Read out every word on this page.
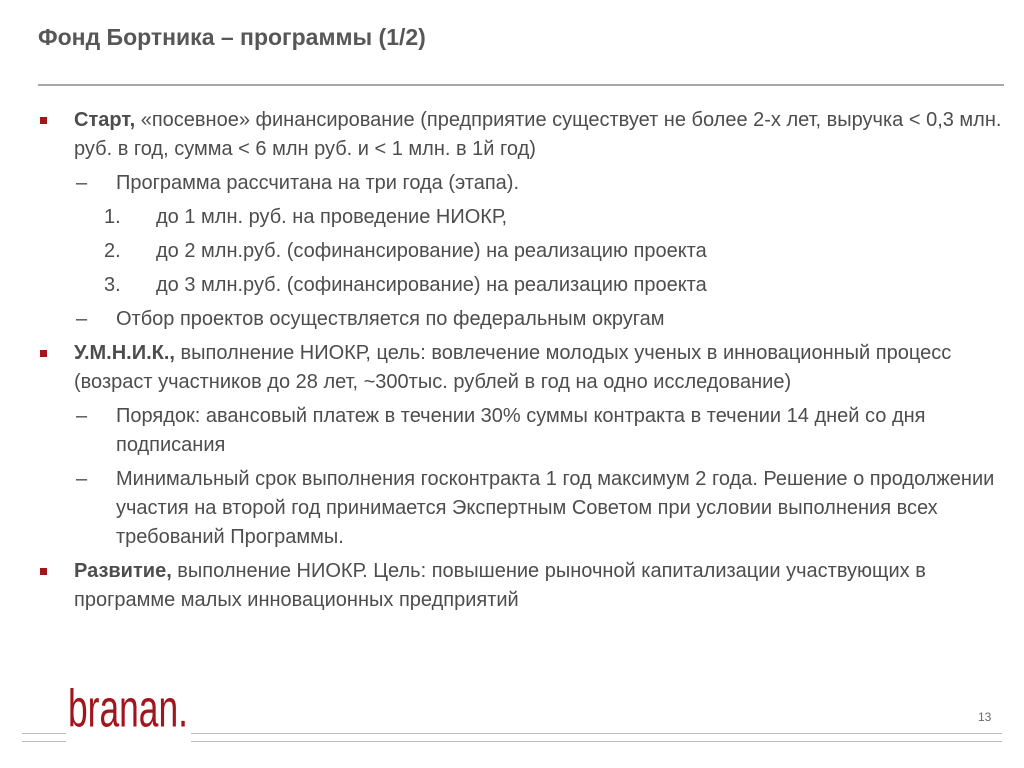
Фонд Бортника – программы (1/2)
Старт, «посевное» финансирование (предприятие существует не более 2-х лет, выручка < 0,3 млн. руб. в год, сумма < 6 млн руб. и < 1 млн. в 1й год)
– Программа рассчитана на три года (этапа).
1. до 1 млн. руб. на проведение НИОКР,
2. до 2 млн.руб. (софинансирование) на реализацию проекта
3. до 3 млн.руб. (софинансирование) на реализацию проекта
– Отбор проектов осуществляется по федеральным округам
У.М.Н.И.К., выполнение НИОКР, цель: вовлечение молодых ученых в инновационный процесс (возраст участников до 28 лет, ~300тыс. рублей в год на одно исследование)
– Порядок: авансовый платеж в течении 30% суммы контракта в течении 14 дней со дня подписания
– Минимальный срок выполнения госконтракта 1 год максимум 2 года. Решение о продолжении участия на второй год принимается Экспертным Советом при условии выполнения всех требований Программы.
Развитие, выполнение НИОКР. Цель: повышение рыночной капитализации участвующих в программе малых инновационных предприятий
branan.	13
